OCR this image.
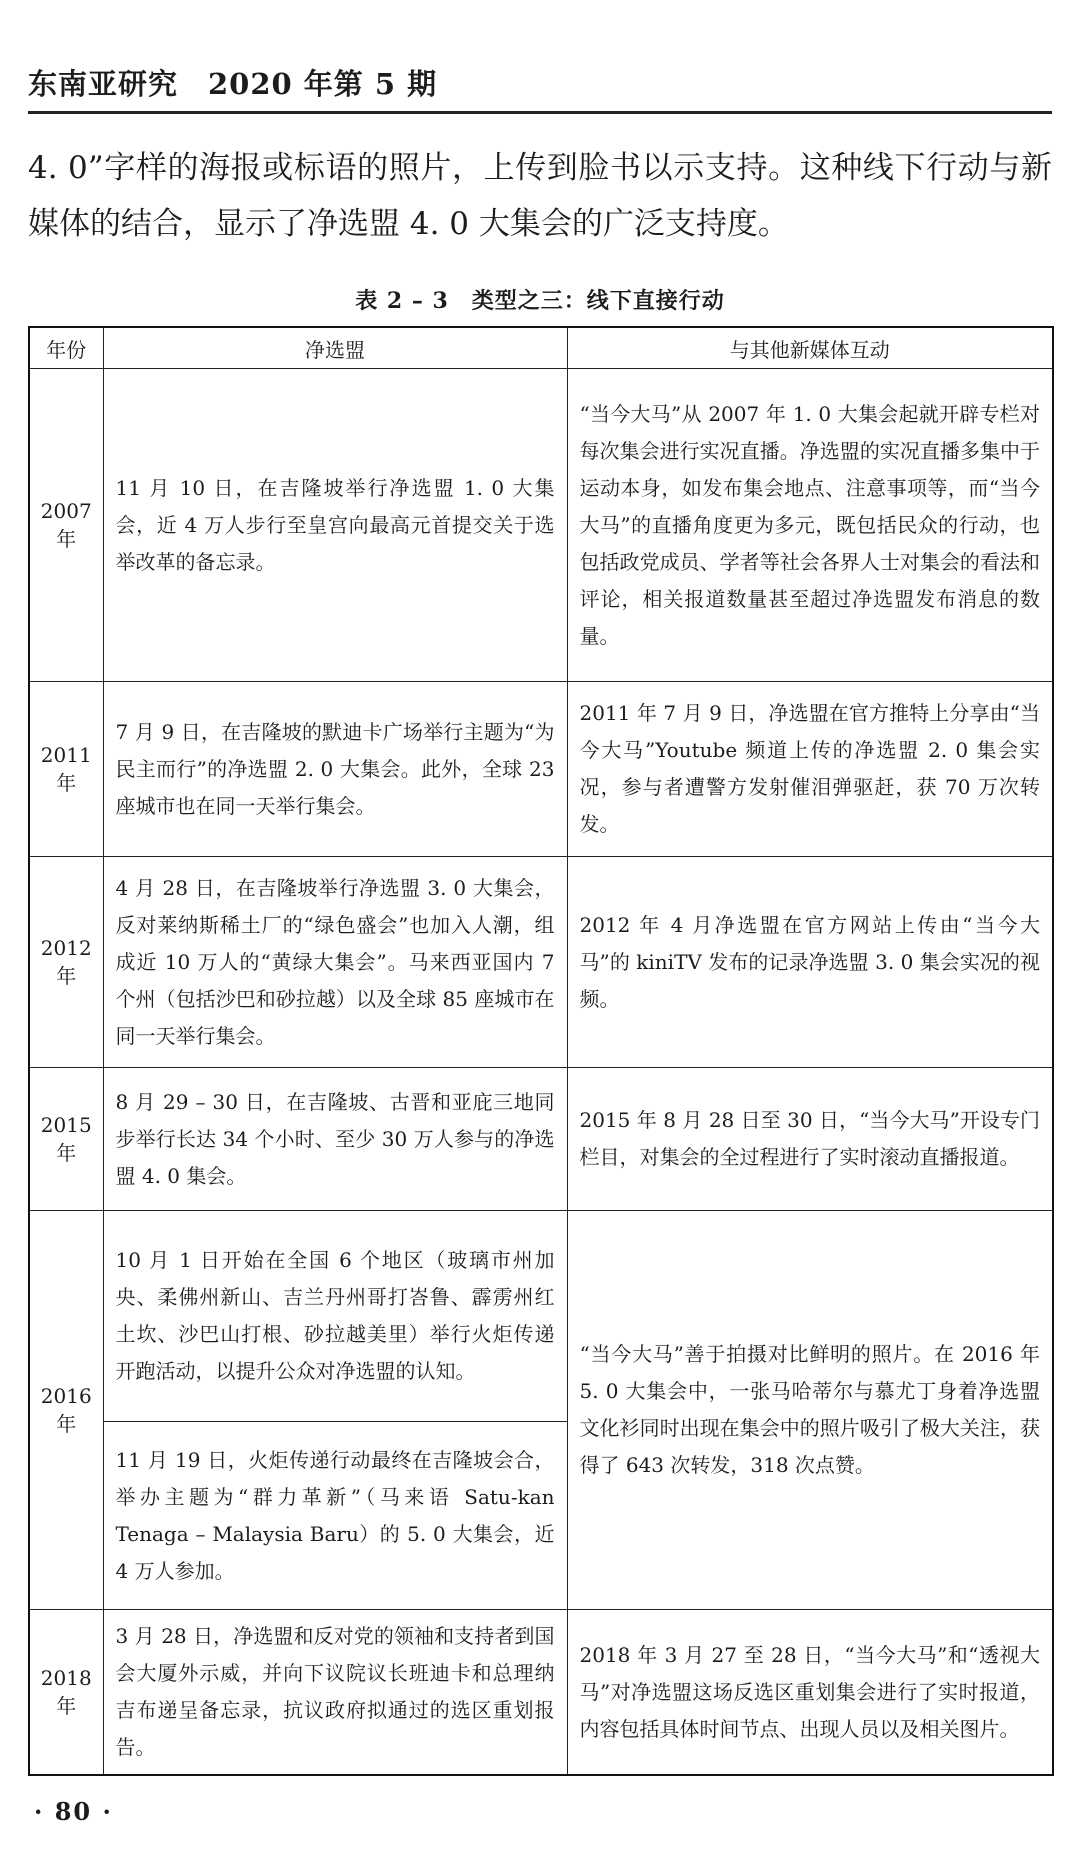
东南亚研究　2020 年第 5 期
4. 0”字样的海报或标语的照片，上传到脸书以示支持。这种线下行动与新媒体的结合，显示了净选盟 4. 0 大集会的广泛支持度。
表 2 – 3　类型之三：线下直接行动
年份	净选盟	与其他新媒体互动
2007 年	11 月 10 日，在吉隆坡举行净选盟 1. 0 大集会，近 4 万人步行至皇宫向最高元首提交关于选举改革的备忘录。	“当今大马”从 2007 年 1. 0 大集会起就开辟专栏对每次集会进行实况直播。净选盟的实况直播多集中于运动本身，如发布集会地点、注意事项等，而“当今大马”的直播角度更为多元，既包括民众的行动，也包括政党成员、学者等社会各界人士对集会的看法和评论，相关报道数量甚至超过净选盟发布消息的数量。
2011 年	7 月 9 日，在吉隆坡的默迪卡广场举行主题为“为民主而行”的净选盟 2. 0 大集会。此外，全球 23 座城市也在同一天举行集会。	2011 年 7 月 9 日，净选盟在官方推特上分享由“当今大马”Youtube 频道上传的净选盟 2. 0 集会实况，参与者遭警方发射催泪弹驱赶，获 70 万次转发。
2012 年	4 月 28 日，在吉隆坡举行净选盟 3. 0 大集会，反对莱纳斯稀土厂的“绿色盛会”也加入人潮，组成近 10 万人的“黄绿大集会”。马来西亚国内 7 个州（包括沙巴和砂拉越）以及全球 85 座城市在同一天举行集会。	2012 年 4 月净选盟在官方网站上传由“当今大马”的 kiniTV 发布的记录净选盟 3. 0 集会实况的视频。
2015 年	8 月 29 – 30 日，在吉隆坡、古晋和亚庇三地同步举行长达 34 个小时、至少 30 万人参与的净选盟 4. 0 集会。	2015 年 8 月 28 日至 30 日，“当今大马”开设专门栏目，对集会的全过程进行了实时滚动直播报道。
2016 年	10 月 1 日开始在全国 6 个地区（玻璃市州加央、柔佛州新山、吉兰丹州哥打峇鲁、霹雳州红土坎、沙巴山打根、砂拉越美里）举行火炬传递开跑活动，以提升公众对净选盟的认知。	“当今大马”善于拍摄对比鲜明的照片。在 2016 年 5. 0 大集会中，一张马哈蒂尔与慕尤丁身着净选盟文化衫同时出现在集会中的照片吸引了极大关注，获得了 643 次转发，318 次点赞。
	11 月 19 日，火炬传递行动最终在吉隆坡会合，举办主题为“群力革新”（马来语 Satu-kan Tenaga – Malaysia Baru）的 5. 0 大集会，近 4 万人参加。	
2018 年	3 月 28 日，净选盟和反对党的领袖和支持者到国会大厦外示威，并向下议院议长班迪卡和总理纳吉布递呈备忘录，抗议政府拟通过的选区重划报告。	2018 年 3 月 27 至 28 日，“当今大马”和“透视大马”对净选盟这场反选区重划集会进行了实时报道，内容包括具体时间节点、出现人员以及相关图片。
· 80 ·
